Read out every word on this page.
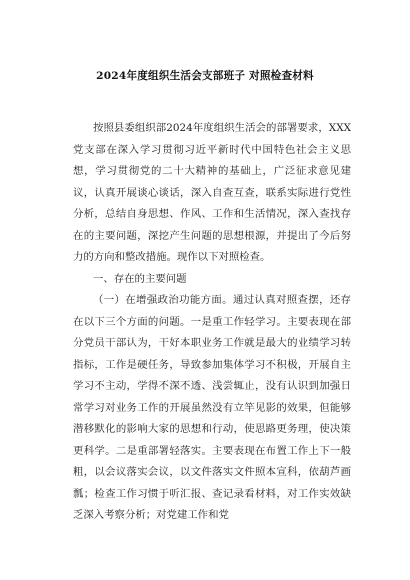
2024年度组织生活会支部班子 对照检查材料

按照县委组织部2024年度组织生活会的部署要求，XXX党支部在深入学习贯彻习近平新时代中国特色社会主义思想，学习贯彻党的二十大精神的基础上，广泛征求意见建议，认真开展谈心谈话，深入自查互查，联系实际进行党性分析，总结自身思想、作风、工作和生活情况，深入查找存在的主要问题，深挖产生问题的思想根源，并提出了今后努力的方向和整改措施。现作以下对照检查。

一、存在的主要问题

（一）在增强政治功能方面。通过认真对照查摆，还存在以下三个方面的问题。一是重工作轻学习。主要表现在部分党员干部认为，干好本职业务工作就是最大的业绩学习转指标，工作是硬任务，导致参加集体学习不积极，开展自主学习不主动，学得不深不透、浅尝辄止，没有认识到加强日常学习对业务工作的开展虽然没有立竿见影的效果，但能够潜移默化的影响大家的思想和行动，使思路更务理，使决策更科学。二是重部署轻落实。主要表现在布置工作上下一般粗，以会议落实会议，以文件落实文件照本宣科，依葫芦画瓢；检查工作习惯于听汇报、查记录看材料，对工作实效缺乏深入考察分析；对党建工作和党
